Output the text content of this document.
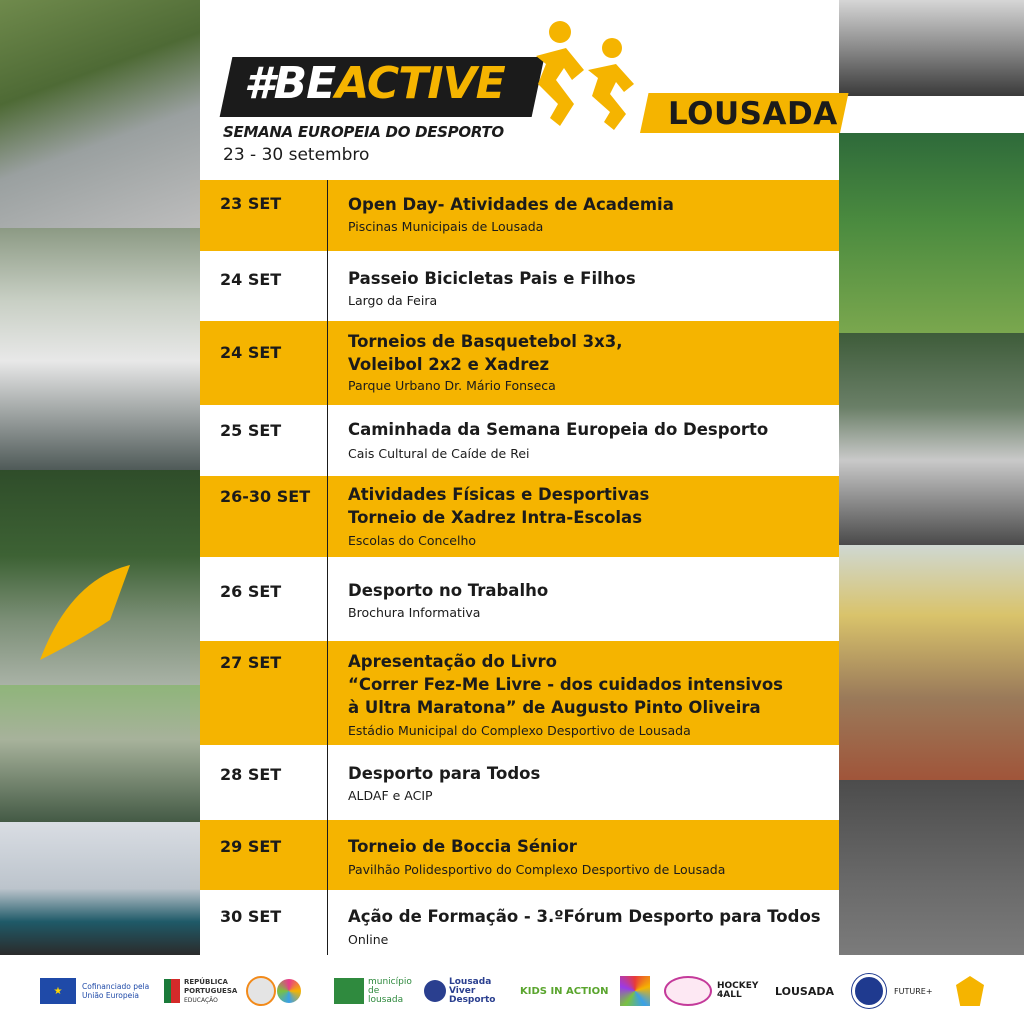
#BEACTIVE
SEMANA EUROPEIA DO DESPORTO
23 - 30 setembro
LOUSADA
23 SET	Open Day- Atividades de Academia
Piscinas Municipais de Lousada
24 SET	Passeio Bicicletas Pais e Filhos
Largo da Feira
24 SET
Torneios de Basquetebol 3x3,
Voleibol 2x2 e Xadrez
Parque Urbano Dr. Mário Fonseca
25 SET	Caminhada da Semana Europeia do Desporto
Cais Cultural de Caíde de Rei
26-30 SET Atividades Físicas e Desportivas
Torneio de Xadrez Intra-Escolas
Escolas do Concelho
26 SET	Desporto no Trabalho
Brochura Informativa
27 SET	Apresentação do Livro
“Correr Fez-Me Livre - dos cuidados intensivos
à Ultra Maratona” de Augusto Pinto Oliveira
Estádio Municipal do Complexo Desportivo de Lousada
28 SET	Desporto para Todos
ALDAF e ACIP
29 SET	Torneio de Boccia Sénior
Pavilhão Polidesportivo do Complexo Desportivo de Lousada
30 SET	Ação de Formação - 3.ºFórum Desporto para Todos
Online
★	Cofinanciado pela União Europeia
REPÚBLICA PORTUGUESA
EDUCAÇÃO
município de lousada
Lousada Viver Desporto
KIDS IN ACTION	HOCKEY 4ALL	LOUSADA	FUTURE+
